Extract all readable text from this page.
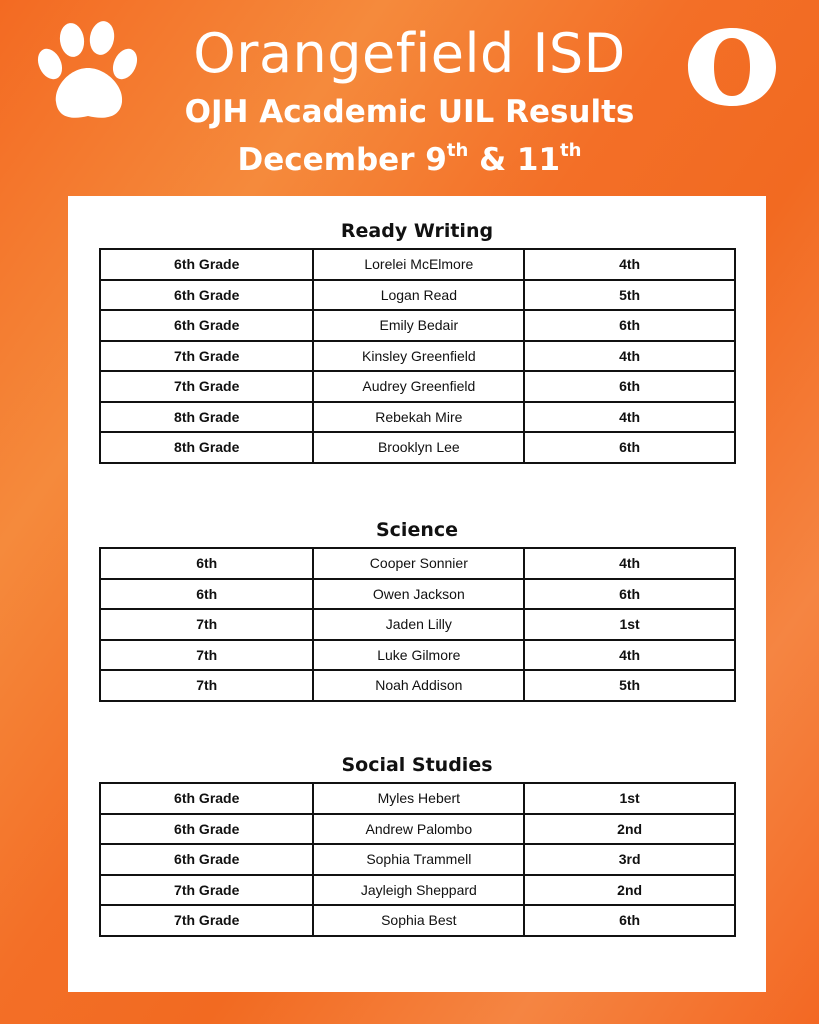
Orangefield ISD
OJH Academic UIL Results
December 9th & 11th
Ready Writing
6th Grade	Lorelei McElmore	4th
6th Grade	Logan Read	5th
6th Grade	Emily Bedair	6th
7th Grade	Kinsley Greenfield	4th
7th Grade	Audrey Greenfield	6th
8th Grade	Rebekah Mire	4th
8th Grade	Brooklyn Lee	6th
Science
6th	Cooper Sonnier	4th
6th	Owen Jackson	6th
7th	Jaden Lilly	1st
7th	Luke Gilmore	4th
7th	Noah Addison	5th
Social Studies
6th Grade	Myles Hebert	1st
6th Grade	Andrew Palombo	2nd
6th Grade	Sophia Trammell	3rd
7th Grade	Jayleigh Sheppard	2nd
7th Grade	Sophia Best	6th
